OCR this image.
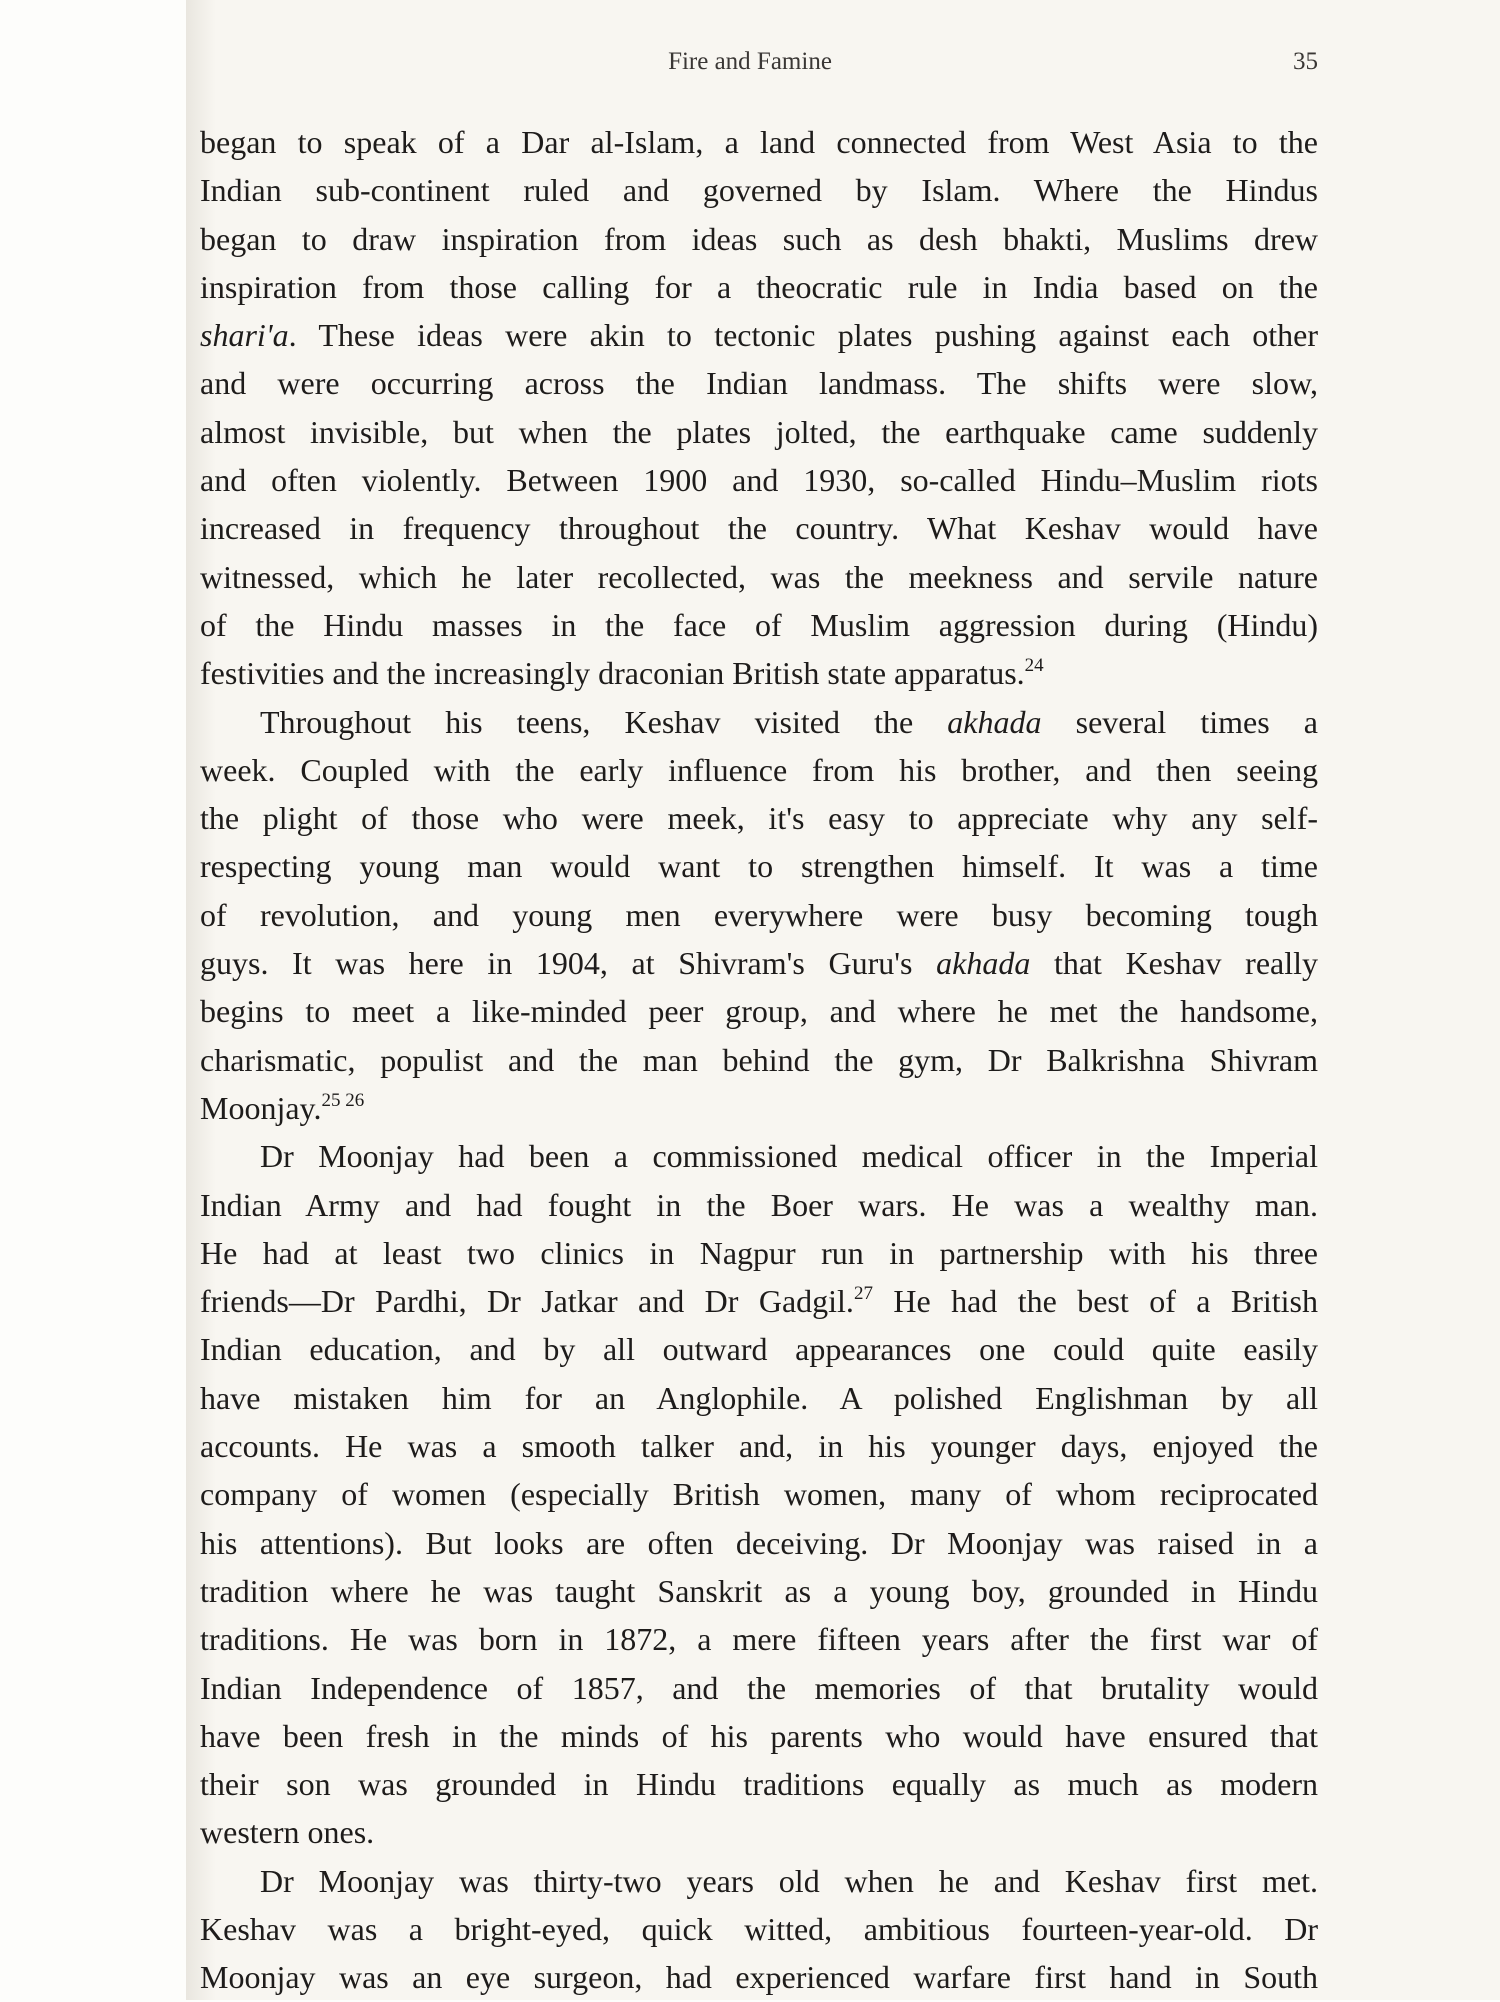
Fire and Famine	35
began to speak of a Dar al-Islam, a land connected from West Asia to the
Indian sub-continent ruled and governed by Islam. Where the Hindus
began to draw inspiration from ideas such as desh bhakti, Muslims drew
inspiration from those calling for a theocratic rule in India based on the
shari'a. These ideas were akin to tectonic plates pushing against each other
and were occurring across the Indian landmass. The shifts were slow,
almost invisible, but when the plates jolted, the earthquake came suddenly
and often violently. Between 1900 and 1930, so-called Hindu–Muslim riots
increased in frequency throughout the country. What Keshav would have
witnessed, which he later recollected, was the meekness and servile nature
of the Hindu masses in the face of Muslim aggression during (Hindu)
festivities and the increasingly draconian British state apparatus.$^{24}$
Throughout his teens, Keshav visited the akhada several times a
week. Coupled with the early influence from his brother, and then seeing
the plight of those who were meek, it's easy to appreciate why any self-
respecting young man would want to strengthen himself. It was a time
of revolution, and young men everywhere were busy becoming tough
guys. It was here in 1904, at Shivram's Guru's akhada that Keshav really
begins to meet a like-minded peer group, and where he met the handsome,
charismatic, populist and the man behind the gym, Dr Balkrishna Shivram
Moonjay.$^{25 26}$
Dr Moonjay had been a commissioned medical officer in the Imperial
Indian Army and had fought in the Boer wars. He was a wealthy man.
He had at least two clinics in Nagpur run in partnership with his three
friends—Dr Pardhi, Dr Jatkar and Dr Gadgil.$^{27}$ He had the best of a British
Indian education, and by all outward appearances one could quite easily
have mistaken him for an Anglophile. A polished Englishman by all
accounts. He was a smooth talker and, in his younger days, enjoyed the
company of women (especially British women, many of whom reciprocated
his attentions). But looks are often deceiving. Dr Moonjay was raised in a
tradition where he was taught Sanskrit as a young boy, grounded in Hindu
traditions. He was born in 1872, a mere fifteen years after the first war of
Indian Independence of 1857, and the memories of that brutality would
have been fresh in the minds of his parents who would have ensured that
their son was grounded in Hindu traditions equally as much as modern
western ones.
Dr Moonjay was thirty-two years old when he and Keshav first met.
Keshav was a bright-eyed, quick witted, ambitious fourteen-year-old. Dr
Moonjay was an eye surgeon, had experienced warfare first hand in South
